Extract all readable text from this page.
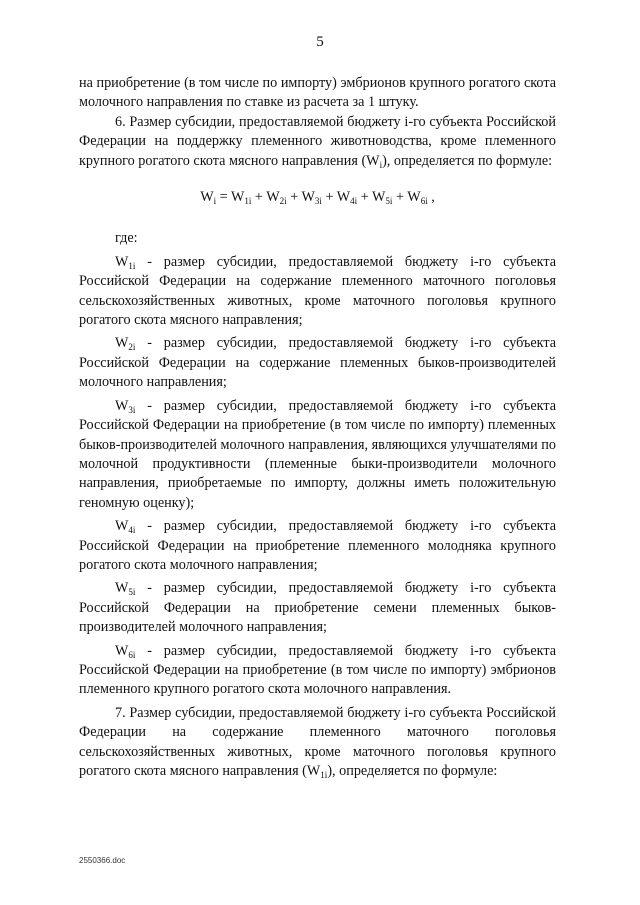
5

на приобретение (в том числе по импорту) эмбрионов крупного рогатого скота молочного направления по ставке из расчета за 1 штуку.

6. Размер субсидии, предоставляемой бюджету i-го субъекта Российской Федерации на поддержку племенного животноводства, кроме племенного крупного рогатого скота мясного направления $(W_i)$, определяется по формуле:

$W_i = W_{1i} + W_{2i} + W_{3i} + W_{4i} + W_{5i} + W_{6i}$ ,

где:

$W_{1i}$ - размер субсидии, предоставляемой бюджету i-го субъекта Российской Федерации на содержание племенного маточного поголовья сельскохозяйственных животных, кроме маточного поголовья крупного рогатого скота мясного направления;

$W_{2i}$ - размер субсидии, предоставляемой бюджету i-го субъекта Российской Федерации на содержание племенных быков-производителей молочного направления;

$W_{3i}$ - размер субсидии, предоставляемой бюджету i-го субъекта Российской Федерации на приобретение (в том числе по импорту) племенных быков-производителей молочного направления, являющихся улучшателями по молочной продуктивности (племенные быки-производители молочного направления, приобретаемые по импорту, должны иметь положительную геномную оценку);

$W_{4i}$ - размер субсидии, предоставляемой бюджету i-го субъекта Российской Федерации на приобретение племенного молодняка крупного рогатого скота молочного направления;

$W_{5i}$ - размер субсидии, предоставляемой бюджету i-го субъекта Российской Федерации на приобретение семени племенных быков-производителей молочного направления;

$W_{6i}$ - размер субсидии, предоставляемой бюджету i-го субъекта Российской Федерации на приобретение (в том числе по импорту) эмбрионов племенного крупного рогатого скота молочного направления.

7. Размер субсидии, предоставляемой бюджету i-го субъекта Российской Федерации на содержание племенного маточного поголовья сельскохозяйственных животных, кроме маточного поголовья крупного рогатого скота мясного направления $(W_{1i})$, определяется по формуле:

2550366.doc
